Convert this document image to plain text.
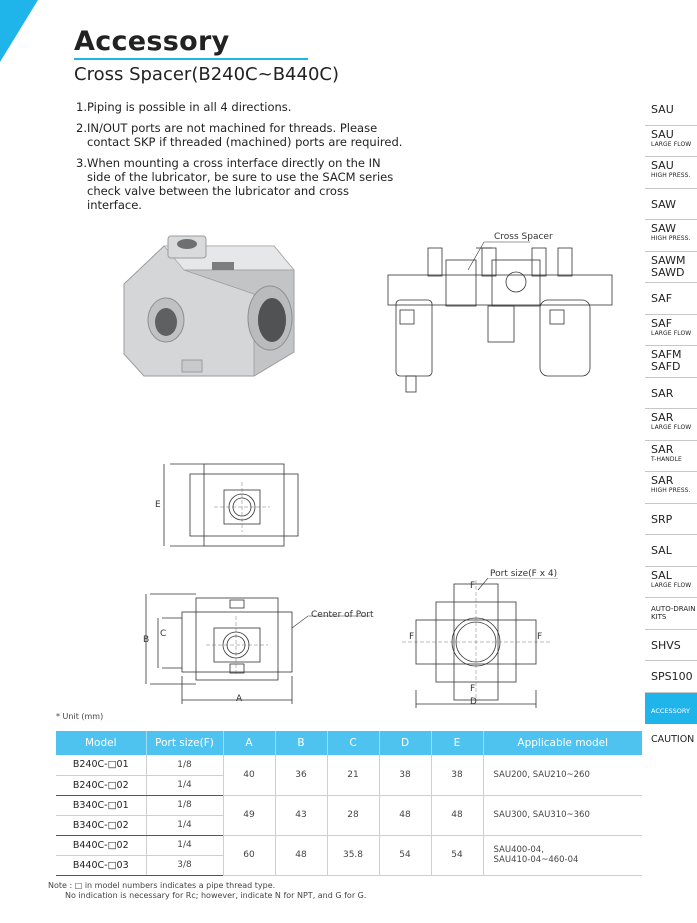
Accessory
Cross Spacer(B240C~B440C)
1. Piping is possible in all 4 directions.
2. IN/OUT ports are not machined for threads. Please contact SKP if threaded (machined) ports are required.
3. When mounting a cross interface directly on the IN side of the lubricator, be sure to use the SACM series check valve between the lubricator and cross interface.
Cross Spacer
E
Center of Port
B
C
A
Port size(F x 4)
F
F	F
F
D
* Unit (mm)
Model	Port size(F)	A	B	C	D	E	Applicable model
B240C-□01	1/8	40	36	21	38	38	SAU200, SAU210~260
B240C-□02	1/4						
B340C-□01	1/8	49	43	28	48	48	SAU300, SAU310~360
B340C-□02	1/4						
B440C-□02	1/4	60	48	35.8	54	54	SAU400-04,
SAU410-04~460-04
B440C-□03	3/8						
Note : □ in model numbers indicates a pipe thread type.
No indication is necessary for Rc; however, indicate N for NPT, and G for G.
SAU
SAU
LARGE FLOW
SAU
HIGH PRESS.
SAW
SAW
HIGH PRESS.
SAWM
SAWD
SAF
SAF
LARGE FLOW
SAFM
SAFD
SAR
SAR
LARGE FLOW
SAR
T-HANDLE
SAR
HIGH PRESS.
SRP
SAL
SAL
LARGE FLOW
AUTO-DRAIN
KITS
SHVS
SPS100
ACCESSORY
CAUTION
